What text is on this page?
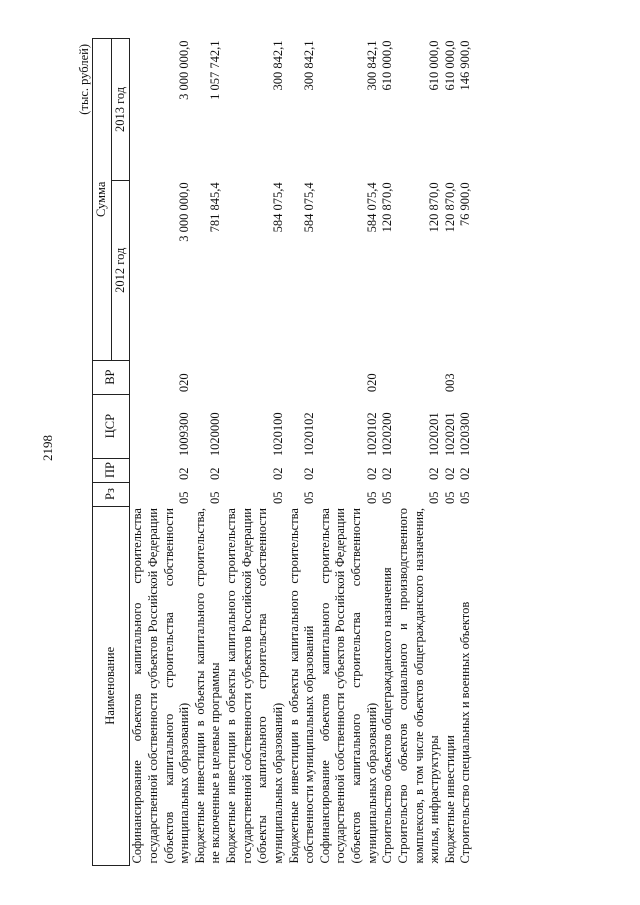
2198
(тыс. рублей)
Наименование	Рз	ПР	ЦСР	ВР	Сумма	
					2012 год	2013 год
Софинансирование объектов капитального строительства государственной собственности субъектов Российской Федерации (объектов капитального строительства собственности муниципальных образований)	05	02	1009300	020	3 000 000,0	3 000 000,0
Бюджетные инвестиции в объекты капитального строительства, не включенные в целевые программы	05	02	1020000		781 845,4	1 057 742,1
Бюджетные инвестиции в объекты капитального строительства государственной собственности субъектов Российской Федерации (объекты капитального строительства собственности муниципальных образований)	05	02	1020100		584 075,4	300 842,1
Бюджетные инвестиции в объекты капитального строительства собственности муниципальных образований	05	02	1020102		584 075,4	300 842,1
Софинансирование объектов капитального строительства государственной собственности субъектов Российской Федерации (объектов капитального строительства собственности муниципальных образований)	05	02	1020102	020	584 075,4	300 842,1
Строительство объектов общегражданского назначения	05	02	1020200		120 870,0	610 000,0
Строительство объектов социального и производственного комплексов, в том числе объектов общегражданского назначения, жилья, инфраструктуры	05	02	1020201		120 870,0	610 000,0
Бюджетные инвестиции	05	02	1020201	003	120 870,0	610 000,0
Строительство специальных и военных объектов	05	02	1020300		76 900,0	146 900,0
